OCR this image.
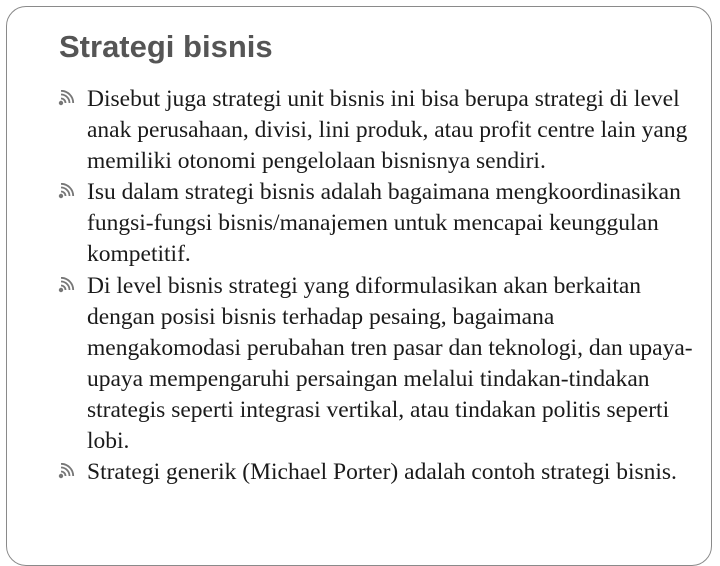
Strategi bisnis
Disebut juga strategi unit bisnis ini bisa berupa strategi di level anak perusahaan, divisi, lini produk, atau profit centre lain yang memiliki otonomi pengelolaan bisnisnya sendiri.
Isu dalam strategi bisnis adalah bagaimana mengkoordinasikan fungsi-fungsi bisnis/manajemen untuk mencapai keunggulan kompetitif.
Di level bisnis strategi yang diformulasikan akan berkaitan dengan posisi bisnis terhadap pesaing, bagaimana mengakomodasi perubahan tren pasar dan teknologi, dan upaya-upaya mempengaruhi persaingan melalui tindakan-tindakan strategis seperti integrasi vertikal, atau tindakan politis seperti lobi.
Strategi generik (Michael Porter) adalah contoh strategi bisnis.
